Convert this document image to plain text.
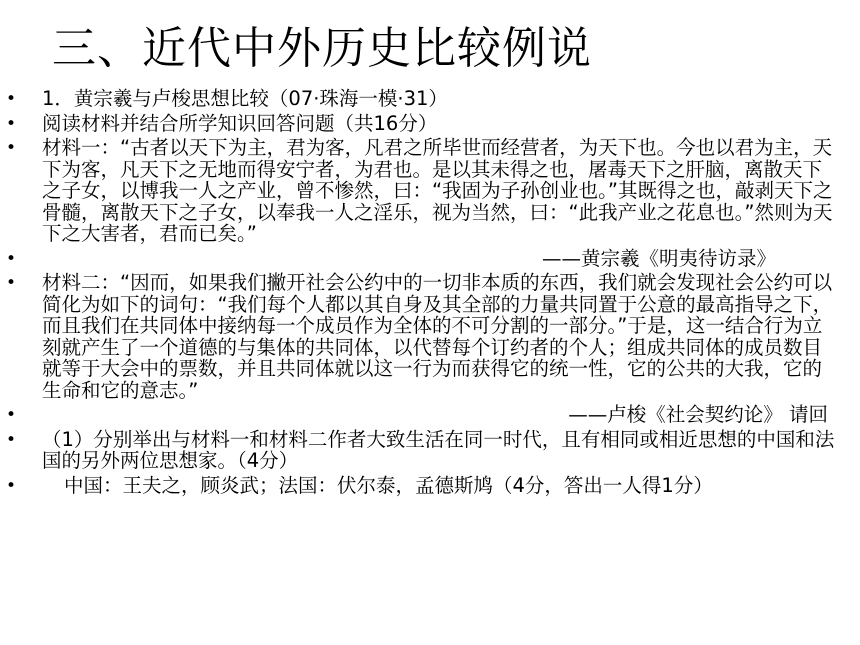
三、近代中外历史比较例说
• 1．黄宗羲与卢梭思想比较（07·珠海一模·31）
• 阅读材料并结合所学知识回答问题（共16分）
• 材料一：“古者以天下为主，君为客，凡君之所毕世而经营者，为天下也。今也以君为主，天下为客，凡天下之无地而得安宁者，为君也。是以其未得之也，屠毒天下之肝脑，离散天下之子女，以博我一人之产业，曾不惨然，曰：“我固为子孙创业也。”其既得之也，敲剥天下之骨髓，离散天下之子女，以奉我一人之淫乐，视为当然，曰：“此我产业之花息也。”然则为天下之大害者，君而已矣。”
•	——黄宗羲《明夷待访录》
• 材料二：“因而，如果我们撇开社会公约中的一切非本质的东西，我们就会发现社会公约可以简化为如下的词句：“我们每个人都以其自身及其全部的力量共同置于公意的最高指导之下，而且我们在共同体中接纳每一个成员作为全体的不可分割的一部分。”于是，这一结合行为立刻就产生了一个道德的与集体的共同体，以代替每个订约者的个人；组成共同体的成员数目就等于大会中的票数，并且共同体就以这一行为而获得它的统一性，它的公共的大我，它的生命和它的意志。”
•	——卢梭《社会契约论》 请回
• （1）分别举出与材料一和材料二作者大致生活在同一时代，且有相同或相近思想的中国和法国的另外两位思想家。（4分）
•	中国：王夫之，顾炎武；法国：伏尔泰，孟德斯鸠（4分，答出一人得1分）
